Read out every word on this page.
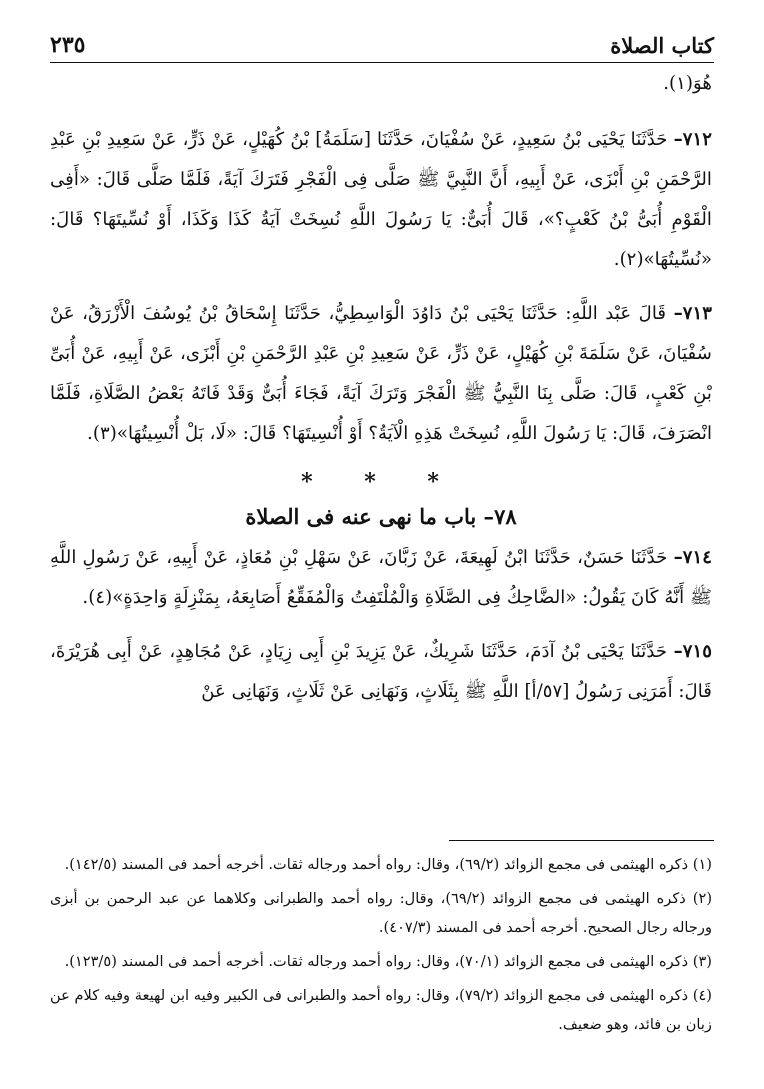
كتاب الصلاة
٢٣٥

هُوَ(١).

٧١٢– حَدَّثَنَا يَحْيَى بْنُ سَعِيدٍ، عَنْ سُفْيَانَ، حَدَّثَنَا [سَلَمَةُ] بْنُ كُهَيْلٍ، عَنْ ذَرٍّ، عَنْ سَعِيدِ بْنِ عَبْدِ الرَّحْمَنِ بْنِ أَبْزَى، عَنْ أَبِيهِ، أَنَّ النَّبِيَّ ﷺ صَلَّى فِى الْفَجْرِ فَتَرَكَ آيَةً، فَلَمَّا صَلَّى قَالَ: «أَفِى الْقَوْمِ أُبَىُّ بْنُ كَعْبٍ؟»، قَالَ أُبَىٌّ: يَا رَسُولَ اللَّهِ نُسِخَتْ آيَةُ كَذَا وَكَذَا، أَوْ نُسِّيتَهَا؟ قَالَ: «نُسِّيتُهَا»(٢).

٧١٣– قَالَ عَبْد اللَّهِ: حَدَّثَنَا يَحْيَى بْنُ دَاوُدَ الْوَاسِطِيُّ، حَدَّثَنَا إِسْحَاقُ بْنُ يُوسُفَ الْأَزْرَقُ، عَنْ سُفْيَانَ، عَنْ سَلَمَةَ بْنِ كُهَيْلٍ، عَنْ ذَرٍّ، عَنْ سَعِيدِ بْنِ عَبْدِ الرَّحْمَنِ بْنِ أَبْزَى، عَنْ أَبِيهِ، عَنْ أُبَىِّ بْنِ كَعْبٍ، قَالَ: صَلَّى بِنَا النَّبِيُّ ﷺ الْفَجْرَ وَتَرَكَ آيَةً، فَجَاءَ أُبَىٌّ وَقَدْ فَاتَهُ بَعْضُ الصَّلَاةِ، فَلَمَّا انْصَرَفَ، قَالَ: يَا رَسُولَ اللَّهِ، نُسِخَتْ هَذِهِ الْآيَةُ؟ أَوْ أُنْسِيتَهَا؟ قَالَ: «لَا، بَلْ أُنْسِيتُهَا»(٣).

* * *
٧٨– باب ما نهى عنه فى الصلاة

٧١٤– حَدَّثَنَا حَسَنٌ، حَدَّثَنَا ابْنُ لَهِيعَةَ، عَنْ زَبَّانَ، عَنْ سَهْلِ بْنِ مُعَاذٍ، عَنْ أَبِيهِ، عَنْ رَسُولِ اللَّهِ ﷺ أَنَّهُ كَانَ يَقُولُ: «الضَّاحِكُ فِى الصَّلَاةِ وَالْمُلْتَفِتُ وَالْمُفَقِّعُ أَصَابِعَهُ، بِمَنْزِلَةٍ وَاحِدَةٍ»(٤).

٧١٥– حَدَّثَنَا يَحْيَى بْنُ آدَمَ، حَدَّثَنَا شَرِيكٌ، عَنْ يَزِيدَ بْنِ أَبِى زِيَادٍ، عَنْ مُجَاهِدٍ، عَنْ أَبِى هُرَيْرَةَ، قَالَ: أَمَرَنِى رَسُولُ [٥٧/أ] اللَّهِ ﷺ بِثَلَاثٍ، وَنَهَانِى عَنْ ثَلَاثٍ، وَنَهَانِى عَنْ

(١) ذكره الهيثمى فى مجمع الزوائد (٦٩/٢)، وقال: رواه أحمد ورجاله ثقات. أخرجه أحمد فى المسند (١٤٢/٥).

(٢) ذكره الهيثمى فى مجمع الزوائد (٦٩/٢)، وقال: رواه أحمد والطبرانى وكلاهما عن عبد الرحمن بن أبزى ورجاله رجال الصحيح. أخرجه أحمد فى المسند (٤٠٧/٣).

(٣) ذكره الهيثمى فى مجمع الزوائد (٧٠/١)، وقال: رواه أحمد ورجاله ثقات. أخرجه أحمد فى المسند (١٢٣/٥).

(٤) ذكره الهيثمى فى مجمع الزوائد (٧٩/٢)، وقال: رواه أحمد والطبرانى فى الكبير وفيه ابن لهيعة وفيه كلام عن زبان بن فائد، وهو ضعيف.
